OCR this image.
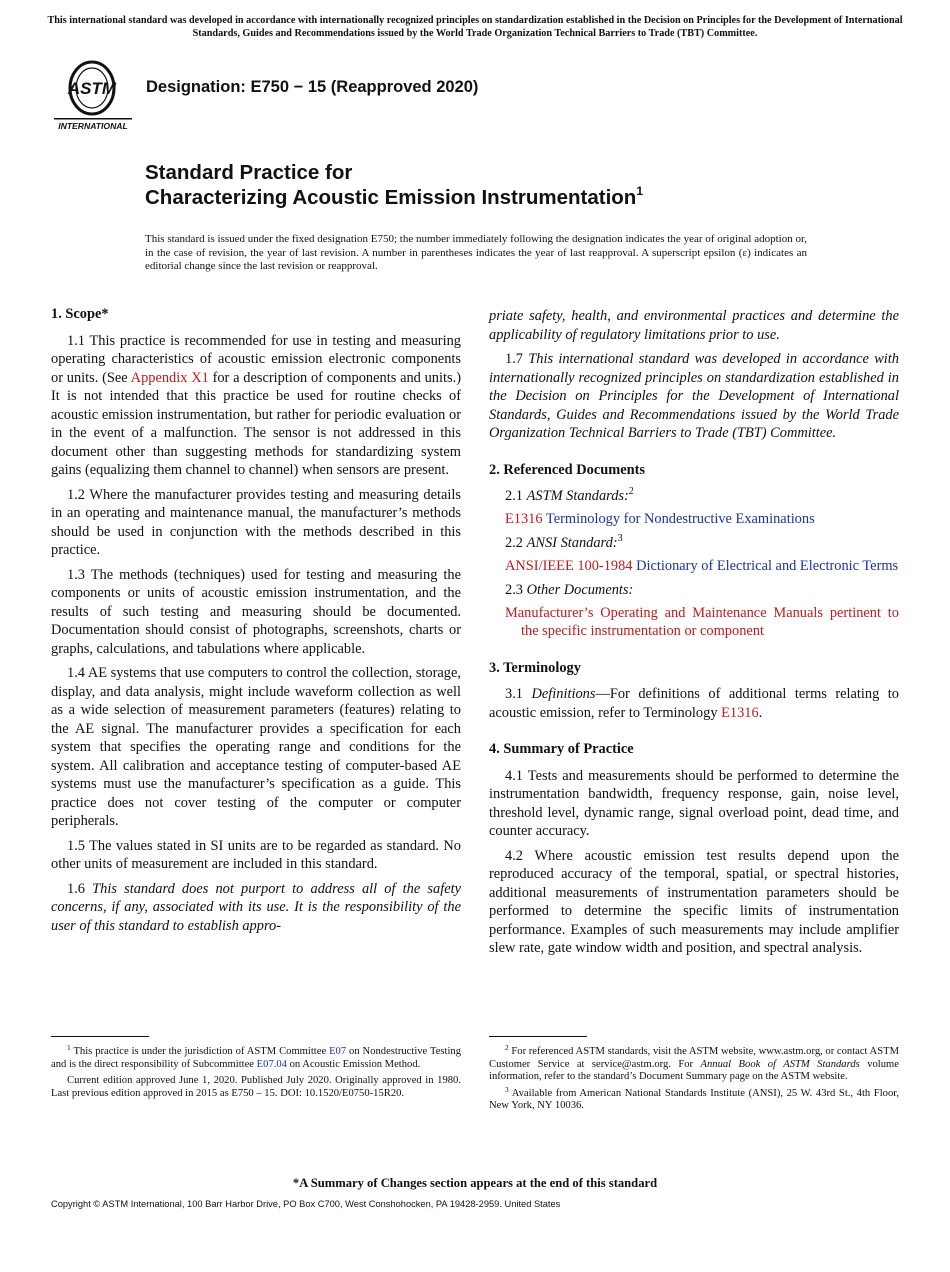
This international standard was developed in accordance with internationally recognized principles on standardization established in the Decision on Principles for the Development of International Standards, Guides and Recommendations issued by the World Trade Organization Technical Barriers to Trade (TBT) Committee.
ASTM
INTERNATIONAL
Designation: E750 − 15 (Reapproved 2020)
Standard Practice for
Characterizing Acoustic Emission Instrumentation$^1$
This standard is issued under the fixed designation E750; the number immediately following the designation indicates the year of original adoption or, in the case of revision, the year of last revision. A number in parentheses indicates the year of last reapproval. A superscript epsilon (ε) indicates an editorial change since the last revision or reapproval.
1. Scope*

1.1 This practice is recommended for use in testing and measuring operating characteristics of acoustic emission electronic components or units. (See Appendix X1 for a description of components and units.) It is not intended that this practice be used for routine checks of acoustic emission instrumentation, but rather for periodic evaluation or in the event of a malfunction. The sensor is not addressed in this document other than suggesting methods for standardizing system gains (equalizing them channel to channel) when sensors are present.

1.2 Where the manufacturer provides testing and measuring details in an operating and maintenance manual, the manufacturer’s methods should be used in conjunction with the methods described in this practice.

1.3 The methods (techniques) used for testing and measuring the components or units of acoustic emission instrumentation, and the results of such testing and measuring should be documented. Documentation should consist of photographs, screenshots, charts or graphs, calculations, and tabulations where applicable.

1.4 AE systems that use computers to control the collection, storage, display, and data analysis, might include waveform collection as well as a wide selection of measurement parameters (features) relating to the AE signal. The manufacturer provides a specification for each system that specifies the operating range and conditions for the system. All calibration and acceptance testing of computer-based AE systems must use the manufacturer’s specification as a guide. This practice does not cover testing of the computer or computer peripherals.

1.5 The values stated in SI units are to be regarded as standard. No other units of measurement are included in this standard.

1.6 This standard does not purport to address all of the safety concerns, if any, associated with its use. It is the responsibility of the user of this standard to establish appro-

priate safety, health, and environmental practices and determine the applicability of regulatory limitations prior to use.

1.7 This international standard was developed in accordance with internationally recognized principles on standardization established in the Decision on Principles for the Development of International Standards, Guides and Recommendations issued by the World Trade Organization Technical Barriers to Trade (TBT) Committee.

2. Referenced Documents
2.1 ASTM Standards:$^2$
E1316 Terminology for Nondestructive Examinations
2.2 ANSI Standard:$^3$
ANSI/IEEE 100-1984 Dictionary of Electrical and Electronic Terms
2.3 Other Documents:
Manufacturer’s Operating and Maintenance Manuals pertinent to the specific instrumentation or component
3. Terminology

3.1 Definitions—For definitions of additional terms relating to acoustic emission, refer to Terminology E1316.

4. Summary of Practice

4.1 Tests and measurements should be performed to determine the instrumentation bandwidth, frequency response, gain, noise level, threshold level, dynamic range, signal overload point, dead time, and counter accuracy.

4.2 Where acoustic emission test results depend upon the reproduced accuracy of the temporal, spatial, or spectral histories, additional measurements of instrumentation parameters should be performed to determine the specific limits of instrumentation performance. Examples of such measurements may include amplifier slew rate, gate window width and position, and spectral analysis.

$^1$ This practice is under the jurisdiction of ASTM Committee E07 on Nondestructive Testing and is the direct responsibility of Subcommittee E07.04 on Acoustic Emission Method.

Current edition approved June 1, 2020. Published July 2020. Originally approved in 1980. Last previous edition approved in 2015 as E750 – 15. DOI: 10.1520/E0750-15R20.

$^2$ For referenced ASTM standards, visit the ASTM website, www.astm.org, or contact ASTM Customer Service at service@astm.org. For Annual Book of ASTM Standards volume information, refer to the standard’s Document Summary page on the ASTM website.

$^3$ Available from American National Standards Institute (ANSI), 25 W. 43rd St., 4th Floor, New York, NY 10036.

*A Summary of Changes section appears at the end of this standard
Copyright © ASTM International, 100 Barr Harbor Drive, PO Box C700, West Conshohocken, PA 19428-2959. United States
